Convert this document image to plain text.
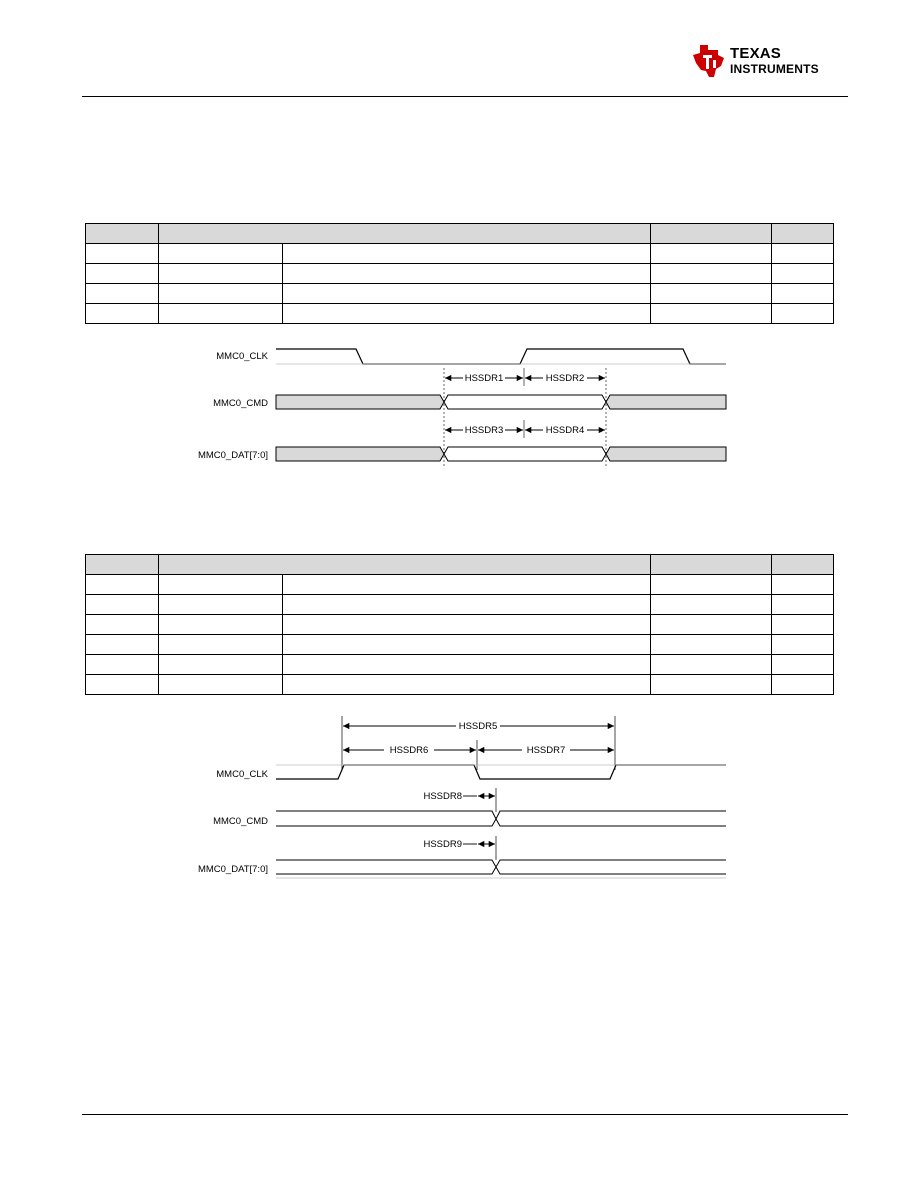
TEXAS
INSTRUMENTS

MMC0_CLK
MMC0_CMD
MMC0_DAT[7:0]
HSSDR1	HSSDR2
HSSDR3	HSSDR4

MMC0_CLK
MMC0_CMD
MMC0_DAT[7:0]
HSSDR5
HSSDR6	HSSDR7
HSSDR8
HSSDR9
